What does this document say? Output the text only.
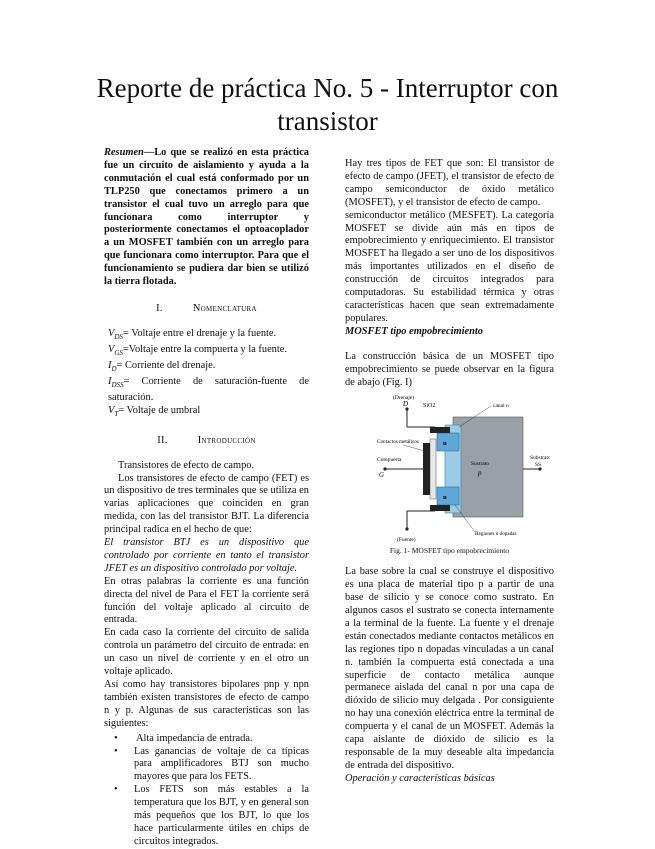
Reporte de práctica No. 5 - Interruptor con transistor

Resumen—Lo que se realizó en esta práctica fue un circuito de aislamiento y ayuda a la conmutación el cual está conformado por un TLP250 que conectamos primero a un transistor el cual tuvo un arreglo para que funcionara como interruptor y posteriormente conectamos el optoacoplador a un MOSFET también con un arreglo para que funcionara como interruptor. Para que el funcionamiento se pudiera dar bien se utilizó la tierra flotada.

I.	Nomenclatura

$V_{DS}=$ Voltaje entre el drenaje y la fuente.

$V_{GS}=Voltaje$ entre la compuerta y la fuente.

$I_D=$ Corriente del drenaje.

$I_{DSS}=$ Corriente de saturación-fuente de saturación.

$V_T=$ Voltaje de umbral

II.	Introducción

Transistores de efecto de campo.

Los transistores de efecto de campo (FET) es un dispositivo de tres terminales que se utiliza en varias aplicaciones que coinciden en gran medida, con las del transistor BJT. La diferencia principal radica en el hecho de que:

El transistor BTJ es un dispositivo que controlado por corriente en tanto el transistor JFET es un dispositivo controlado por voltaje.

En otras palabras la corriente es una función directa del nivel de Para el FET la corriente será función del voltaje aplicado al circuito de entrada.

En cada caso la corriente del circuito de salida controla un parámetro del circuito de entrada: en un caso un nivel de corriente y en el otro un voltaje aplicado.

Así como hay transistores bipolares pnp y npn también existen transistores de efecto de campo n y p. Algunas de sus características son las siguientes:

• Alta impedancia de entrada.
• Las ganancias de voltaje de ca típicas para amplificadores BTJ son mucho mayores que para los FETS.
• Los FETS son más estables a la temperatura que los BJT, y en general son más pequeños que los BJT, lo que los hace particularmente útiles en chips de circuitos integrados.

Hay tres tipos de FET que son: El transistor de efecto de campo (JFET), el transistor de efecto de campo semiconductor de óxido metálico (MOSFET), y el transistor de efecto de campo.

semiconductor metálico (MESFET). La categoría MOSFET se divide aún más en tipos de empobrecimiento y enriquecimiento. El transistor MOSFET ha llegado a ser uno de los dispositivos más importantes utilizados en el diseño de construcción de circuitos integrados para computadoras. Su estabilidad térmica y otras características hacen que sean extremadamente populares.

MOSFET tipo empobrecimiento

La construcción básica de un MOSFET tipo empobrecimiento se puede observar en la figura de abajo (Fig. I)

(Drenaje)
D SiO2	canal n
Contactos metálicos
Compuerta
G
n
n
Sustrato
p
Substrato
SS
(Fuente)
Regiones n dopadas
Fig. 1- MOSFET tipo empobrecimiento

La base sobre la cual se construye el dispositivo es una placa de material tipo p a partir de una base de silicio y se conoce como sustrato. En algunos casos el sustrato se conecta internamente a la terminal de la fuente. La fuente y el drenaje están conectados mediante contactos metálicos en las regiones tipo n dopadas vinculadas a un canal n. también la compuerta está conectada a una superficie de contacto metálica aunque permanece aislada del canal n por una capa de dióxido de silicio muy delgada . Por consiguiente no hay una conexión eléctrica entre la terminal de compuerta y el canal de un MOSFET. Además la capa aislante de dióxido de silicio es la responsable de la muy deseable alta impedancia de entrada del dispositivo.

Operación y características básicas
